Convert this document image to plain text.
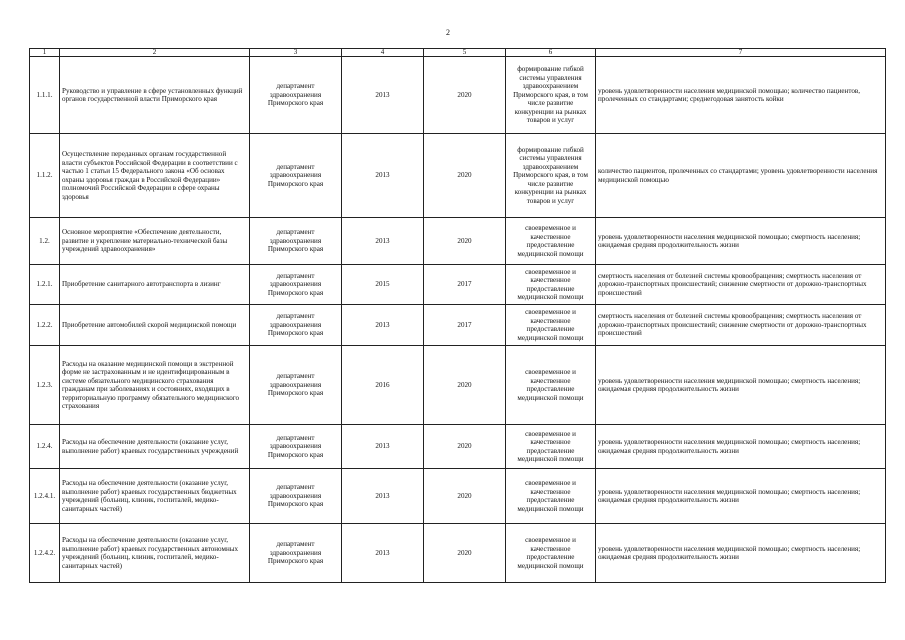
2
1	2	3	4	5	6	7
1.1.1.	Руководство и управление в сфере установленных функций органов государственной власти Приморского края	департамент здравоохранения Приморского края	2013	2020	формирование гибкой системы управления здравоохранением Приморского края, в том числе развитие конкуренции на рынках товаров и услуг	уровень удовлетворенности населения медицинской помощью; количество пациентов, пролеченных со стандартами; среднегодовая занятость койки
1.1.2.	Осуществление переданных органам государственной власти субъектов Российской Федерации в соответствии с частью 1 статьи 15 Федерального закона «Об основах охраны здоровья граждан в Российской Федерации» полномочий Российской Федерации в сфере охраны здоровья	департамент здравоохранения Приморского края	2013	2020	формирование гибкой системы управления здравоохранением Приморского края, в том числе развитие конкуренции на рынках товаров и услуг	количество пациентов, пролеченных со стандартами; уровень удовлетворенности населения медицинской помощью
1.2.	Основное мероприятие «Обеспечение деятельности, развитие и укрепление материально-технической базы учреждений здравоохранения»	департамент здравоохранения Приморского края	2013	2020	своевременное и качественное предоставление медицинской помощи	уровень удовлетворенности населения медицинской помощью; смертность населения; ожидаемая средняя продолжительность жизни
1.2.1.	Приобретение санитарного автотранспорта в лизинг	департамент здравоохранения Приморского края	2015	2017	своевременное и качественное предоставление медицинской помощи	смертность населения от болезней системы кровообращения; смертность населения от дорожно-транспортных происшествий; снижение смертности от дорожно-транспортных происшествий
1.2.2.	Приобретение автомобилей скорой медицинской помощи	департамент здравоохранения Приморского края	2013	2017	своевременное и качественное предоставление медицинской помощи	смертность населения от болезней системы кровообращения; смертность населения от дорожно-транспортных происшествий; снижение смертности от дорожно-транспортных происшествий
1.2.3.	Расходы на оказание медицинской помощи в экстренной форме не застрахованным и не идентифицированным в системе обязательного медицинского страхования гражданам при заболеваниях и состояниях, входящих в территориальную программу обязательного медицинского страхования	департамент здравоохранения Приморского края	2016	2020	своевременное и качественное предоставление медицинской помощи	уровень удовлетворенности населения медицинской помощью; смертность населения; ожидаемая средняя продолжительность жизни
1.2.4.	Расходы на обеспечение деятельности (оказание услуг, выполнение работ) краевых государственных учреждений	департамент здравоохранения Приморского края	2013	2020	своевременное и качественное предоставление медицинской помощи	уровень удовлетворенности населения медицинской помощью; смертность населения; ожидаемая средняя продолжительность жизни
1.2.4.1.	Расходы на обеспечение деятельности (оказание услуг, выполнение работ) краевых государственных бюджетных учреждений (больниц, клиник, госпиталей, медико-санитарных частей)	департамент здравоохранения Приморского края	2013	2020	своевременное и качественное предоставление медицинской помощи	уровень удовлетворенности населения медицинской помощью; смертность населения; ожидаемая средняя продолжительность жизни
1.2.4.2.	Расходы на обеспечение деятельности (оказание услуг, выполнение работ) краевых государственных автономных учреждений (больниц, клиник, госпиталей, медико-санитарных частей)	департамент здравоохранения Приморского края	2013	2020	своевременное и качественное предоставление медицинской помощи	уровень удовлетворенности населения медицинской помощью; смертность населения; ожидаемая средняя продолжительность жизни
